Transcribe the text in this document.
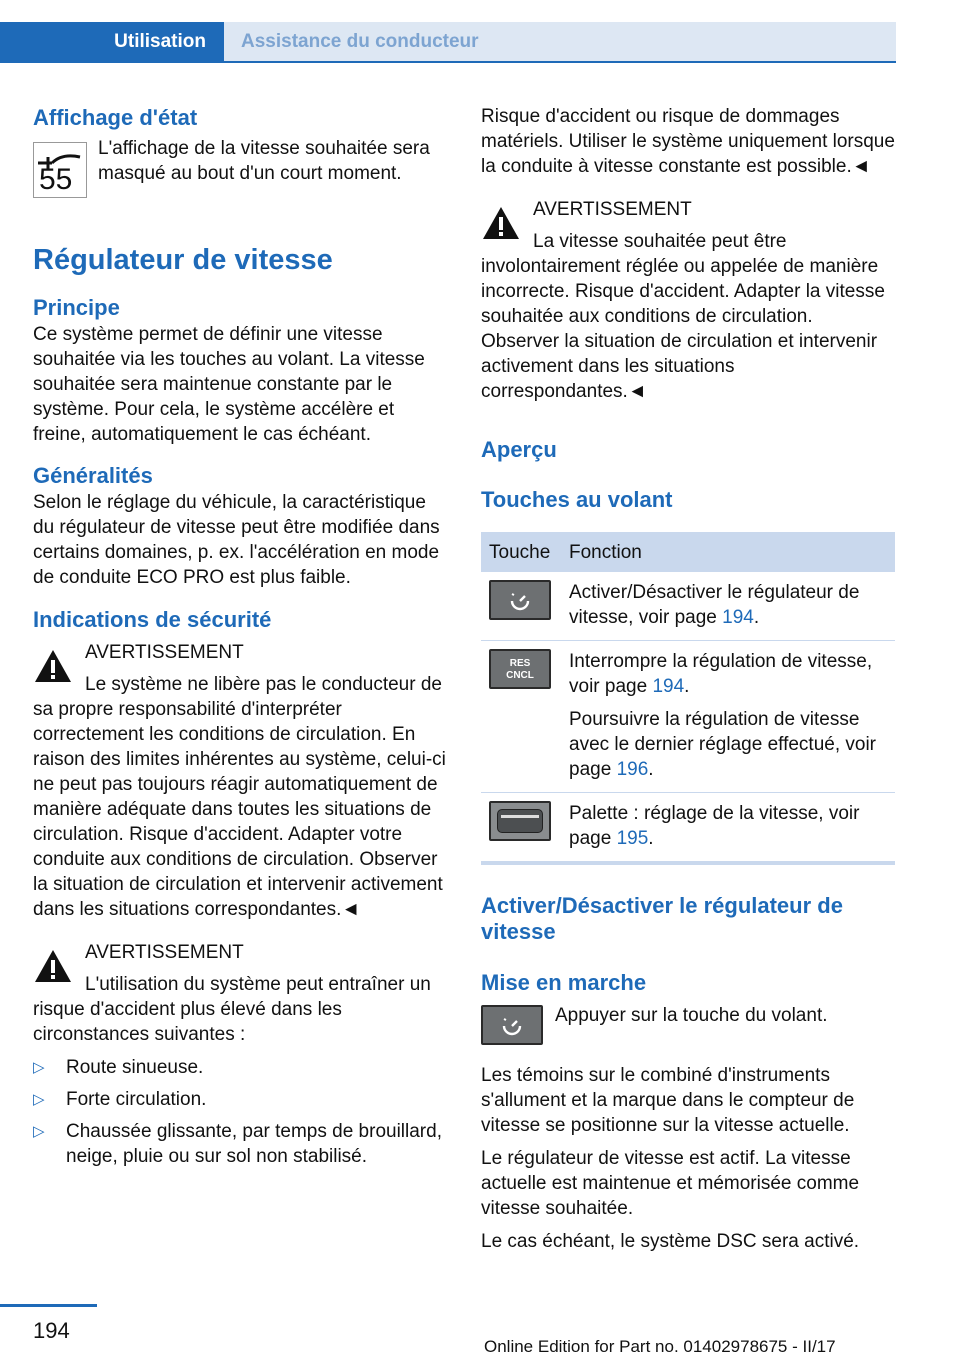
Utilisation Assistance du conducteur
Affichage d'état
55

L'affichage de la vitesse souhaitée sera masqué au bout d'un court moment.

Régulateur de vitesse
Principe

Ce système permet de définir une vitesse souhaitée via les touches au volant. La vitesse souhaitée sera maintenue constante par le système. Pour cela, le système accélère et freine, automatiquement le cas échéant.

Généralités

Selon le réglage du véhicule, la caractéristique du régulateur de vitesse peut être modifiée dans certains domaines, p. ex. l'accélération en mode de conduite ECO PRO est plus faible.

Indications de sécurité
AVERTISSEMENT

Le système ne libère pas le conducteur de sa propre responsabilité d'interpréter correctement les conditions de circulation. En raison des limites inhérentes au système, celui-ci ne peut pas toujours réagir automatiquement de manière adéquate dans toutes les situations de circulation. Risque d'accident. Adapter votre conduite aux conditions de circulation. Observer la situation de circulation et intervenir activement dans les situations correspondantes.◄

AVERTISSEMENT

L'utilisation du système peut entraîner un risque d'accident plus élevé dans les circonstances suivantes :

▷ Route sinueuse.
▷ Forte circulation.
▷ Chaussée glissante, par temps de brouillard, neige, pluie ou sur sol non stabilisé.

Risque d'accident ou risque de dommages matériels. Utiliser le système uniquement lorsque la conduite à vitesse constante est possible.◄

AVERTISSEMENT

La vitesse souhaitée peut être involontairement réglée ou appelée de manière incorrecte. Risque d'accident. Adapter la vitesse souhaitée aux conditions de circulation. Observer la situation de circulation et intervenir activement dans les situations correspondantes.◄

Aperçu
Touches au volant
Touche	Fonction

	Activer/Désactiver le régulateur de vitesse, voir page 194.

RES CNCL	Interrompre la régulation de vitesse, voir page 194.

Poursuivre la régulation de vitesse avec le dernier réglage effectué, voir page 196.

	Palette : réglage de la vitesse, voir page 195.
Activer/Désactiver le régulateur de vitesse
Mise en marche

Appuyer sur la touche du volant.

Les témoins sur le combiné d'instruments s'allument et la marque dans le compteur de vitesse se positionne sur la vitesse actuelle.

Le régulateur de vitesse est actif. La vitesse actuelle est maintenue et mémorisée comme vitesse souhaitée.

Le cas échéant, le système DSC sera activé.

194
Online Edition for Part no. 01402978675 - II/17
